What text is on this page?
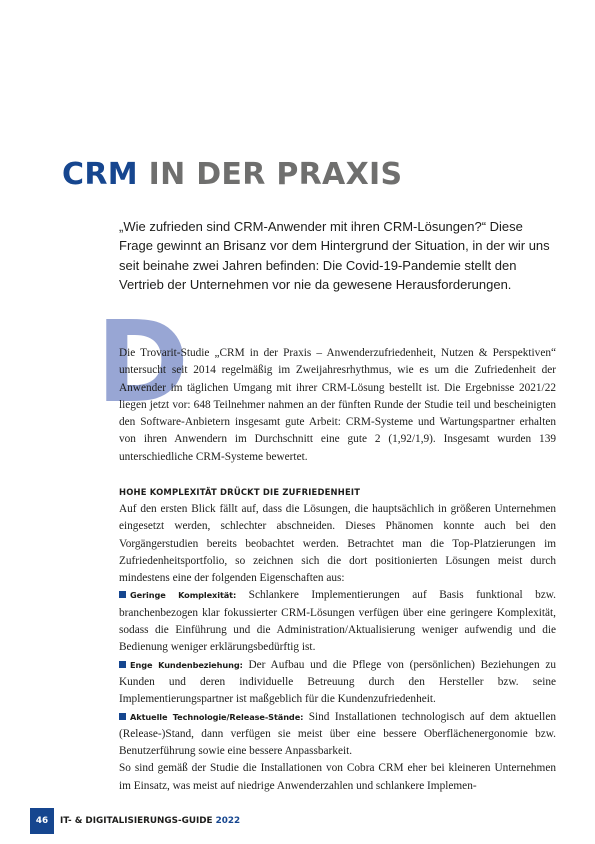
CRM IN DER PRAXIS

„Wie zufrieden sind CRM-Anwender mit ihren CRM-Lösungen?“ Diese Frage gewinnt an Brisanz vor dem Hintergrund der Situation, in der wir uns seit beinahe zwei Jahren befinden: Die Covid-19-Pandemie stellt den Vertrieb der Unternehmen vor nie da gewesene Herausforderungen.

D

Die Trovarit-Studie „CRM in der Praxis – Anwenderzufriedenheit, Nutzen & Perspektiven“ untersucht seit 2014 regelmäßig im Zweijahresrhythmus, wie es um die Zufriedenheit der Anwender im täglichen Umgang mit ihrer CRM-Lösung bestellt ist. Die Ergebnisse 2021/22 liegen jetzt vor: 648 Teilnehmer nahmen an der fünften Runde der Studie teil und bescheinigten den Software-Anbietern insgesamt gute Arbeit: CRM-Systeme und Wartungspartner erhalten von ihren Anwendern im Durchschnitt eine gute 2 (1,92/1,9). Insgesamt wurden 139 unterschiedliche CRM-Systeme bewertet.

HOHE KOMPLEXITÄT DRÜCKT DIE ZUFRIEDENHEIT

Auf den ersten Blick fällt auf, dass die Lösungen, die hauptsächlich in größeren Unternehmen eingesetzt werden, schlechter abschneiden. Dieses Phänomen konnte auch bei den Vorgängerstudien bereits beobachtet werden. Betrachtet man die Top-Platzierungen im Zufriedenheitsportfolio, so zeichnen sich die dort positionierten Lösungen meist durch mindestens eine der folgenden Eigenschaften aus:

Geringe Komplexität: Schlankere Implementierungen auf Basis funktional bzw. branchenbezogen klar fokussierter CRM-Lösungen verfügen über eine geringere Komplexität, sodass die Einführung und die Administration/Aktualisierung weniger aufwendig und die Bedienung weniger erklärungsbedürftig ist.

Enge Kundenbeziehung: Der Aufbau und die Pflege von (persönlichen) Beziehungen zu Kunden und deren individuelle Betreuung durch den Hersteller bzw. seine Implementierungspartner ist maßgeblich für die Kundenzufriedenheit.

Aktuelle Technologie/Release-Stände: Sind Installationen technologisch auf dem aktuellen (Release-)Stand, dann verfügen sie meist über eine bessere Oberflächenergonomie bzw. Benutzerführung sowie eine bessere Anpassbarkeit.

So sind gemäß der Studie die Installationen von Cobra CRM eher bei kleineren Unternehmen im Einsatz, was meist auf niedrige Anwenderzahlen und schlankere Implemen-

46	IT- & DIGITALISIERUNGS-GUIDE 2022
